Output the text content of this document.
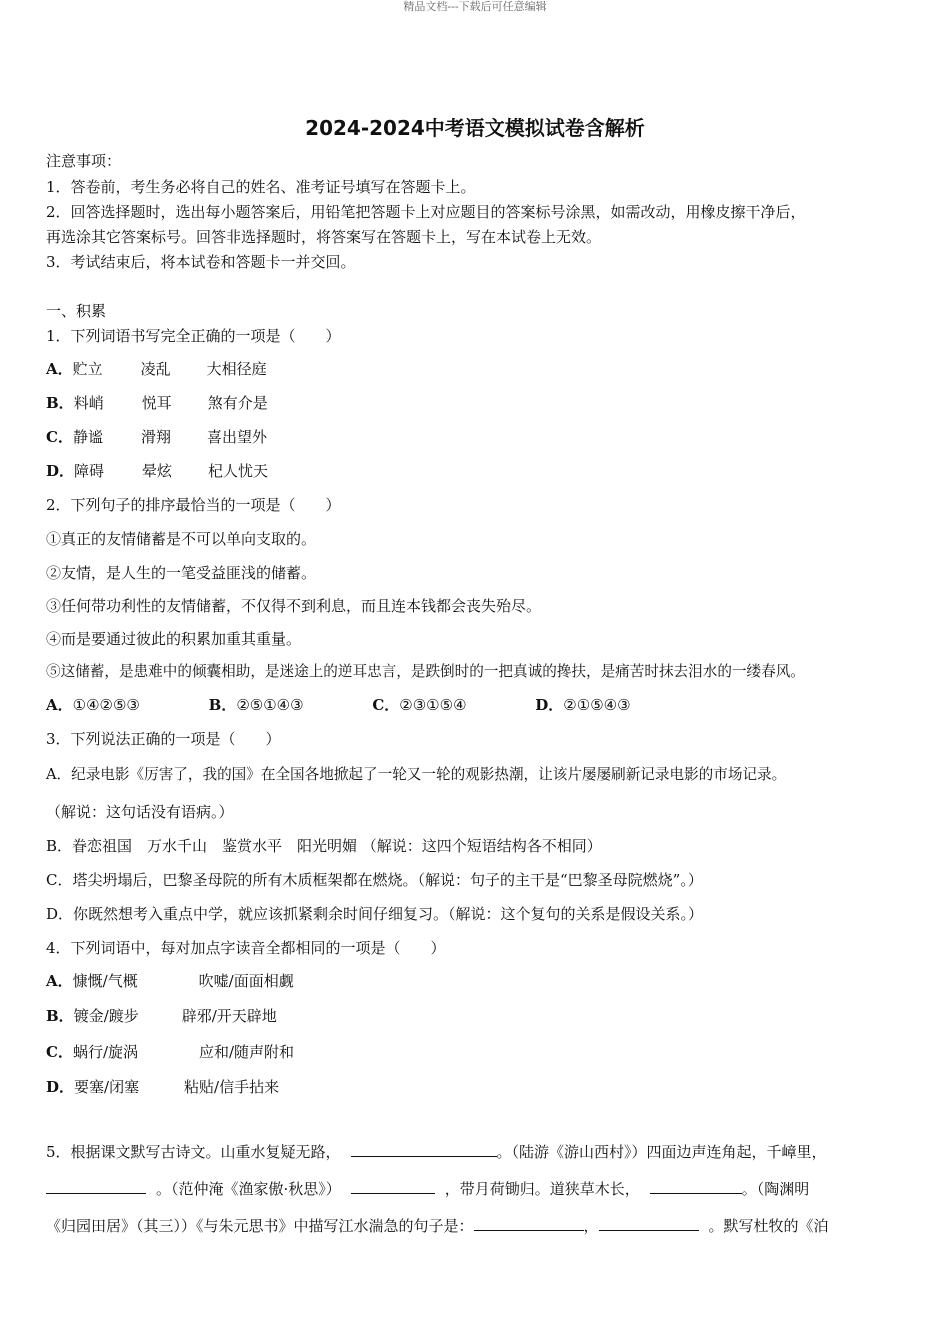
精品文档---下载后可任意编辑
2024-2024中考语文模拟试卷含解析
注意事项：
1．答卷前，考生务必将自己的姓名、准考证号填写在答题卡上。
2．回答选择题时，选出每小题答案后，用铅笔把答题卡上对应题目的答案标号涂黑，如需改动，用橡皮擦干净后，
再选涂其它答案标号。回答非选择题时，将答案写在答题卡上，写在本试卷上无效。
3．考试结束后，将本试卷和答题卡一并交回。
一、积累
1．下列词语书写完全正确的一项是（　　）
A．贮立	凌乱 大相径庭
B．料峭	悦耳 煞有介是
C．静谧	滑翔 喜出望外
D．障碍	晕炫 杞人忧天
2．下列句子的排序最恰当的一项是（　　）
①真正的友情储蓄是不可以单向支取的。
②友情，是人生的一笔受益匪浅的储蓄。
③任何带功利性的友情储蓄，不仅得不到利息，而且连本钱都会丧失殆尽。
④而是要通过彼此的积累加重其重量。
⑤这储蓄，是患难中的倾囊相助，是迷途上的逆耳忠言，是跌倒时的一把真诚的搀扶，是痛苦时抹去泪水的一缕春风。
A．①④②⑤③	B．②⑤①④③	C．②③①⑤④	D．②①⑤④③
3．下列说法正确的一项是（　　）
A．纪录电影《厉害了，我的国》在全国各地掀起了一轮又一轮的观影热潮，让该片屡屡刷新记录电影的市场记录。
（解说：这句话没有语病。）
B．眷恋祖国　万水千山　鉴赏水平　阳光明媚 （解说：这四个短语结构各不相同）
C．塔尖坍塌后，巴黎圣母院的所有木质框架都在燃烧。（解说：句子的主干是“巴黎圣母院燃烧”。）
D．你既然想考入重点中学，就应该抓紧剩余时间仔细复习。（解说：这个复句的关系是假设关系。）
4．下列词语中，每对加点字读音全都相同的一项是（　　）
A．慷慨/气概	吹嘘/面面相觑
B．镀金/踱步	辟邪/开天辟地
C．蜗行/旋涡	应和/随声附和
D．要塞/闭塞	粘贴/信手拈来
5．根据课文默写古诗文。山重水复疑无路，	。（陆游《游山西村》）四面边声连角起，千嶂里，
。（范仲淹《渔家傲·秋思》）	，带月荷锄归。道狭草木长，	。（陶渊明
《归园田居》（其三））《与朱元思书》中描写江水湍急的句子是：	，	。默写杜牧的《泊
